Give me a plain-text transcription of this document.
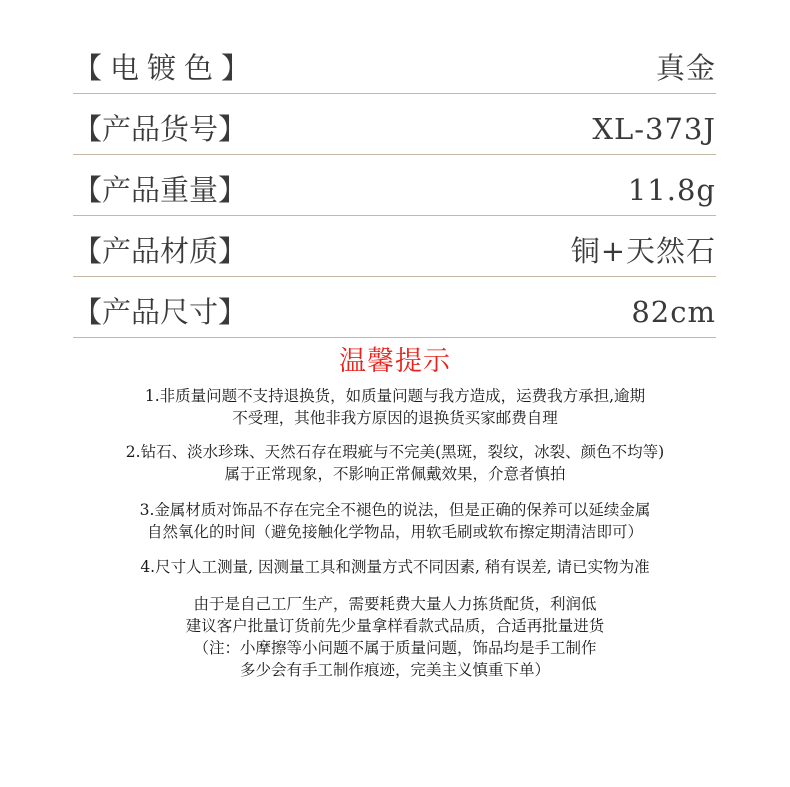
【电镀色】	真金
【产品货号】	XL-373J
【产品重量】	11.8g
【产品材质】	铜+天然石
【产品尺寸】	82cm
温馨提示
1.非质量问题不支持退换货，如质量问题与我方造成，运费我方承担,逾期
不受理，其他非我方原因的退换货买家邮费自理
2.钻石、淡水珍珠、天然石存在瑕疵与不完美(黑斑，裂纹，冰裂、颜色不均等)
属于正常现象，不影响正常佩戴效果，介意者慎拍
3.金属材质对饰品不存在完全不褪色的说法，但是正确的保养可以延续金属
自然氧化的时间（避免接触化学物品，用软毛刷或软布擦定期清洁即可）
4.尺寸人工测量, 因测量工具和测量方式不同因素, 稍有误差, 请已实物为准
由于是自己工厂生产，需要耗费大量人力拣货配货，利润低
建议客户批量订货前先少量拿样看款式品质，合适再批量进货
（注：小摩擦等小问题不属于质量问题，饰品均是手工制作
多少会有手工制作痕迹，完美主义慎重下单）
